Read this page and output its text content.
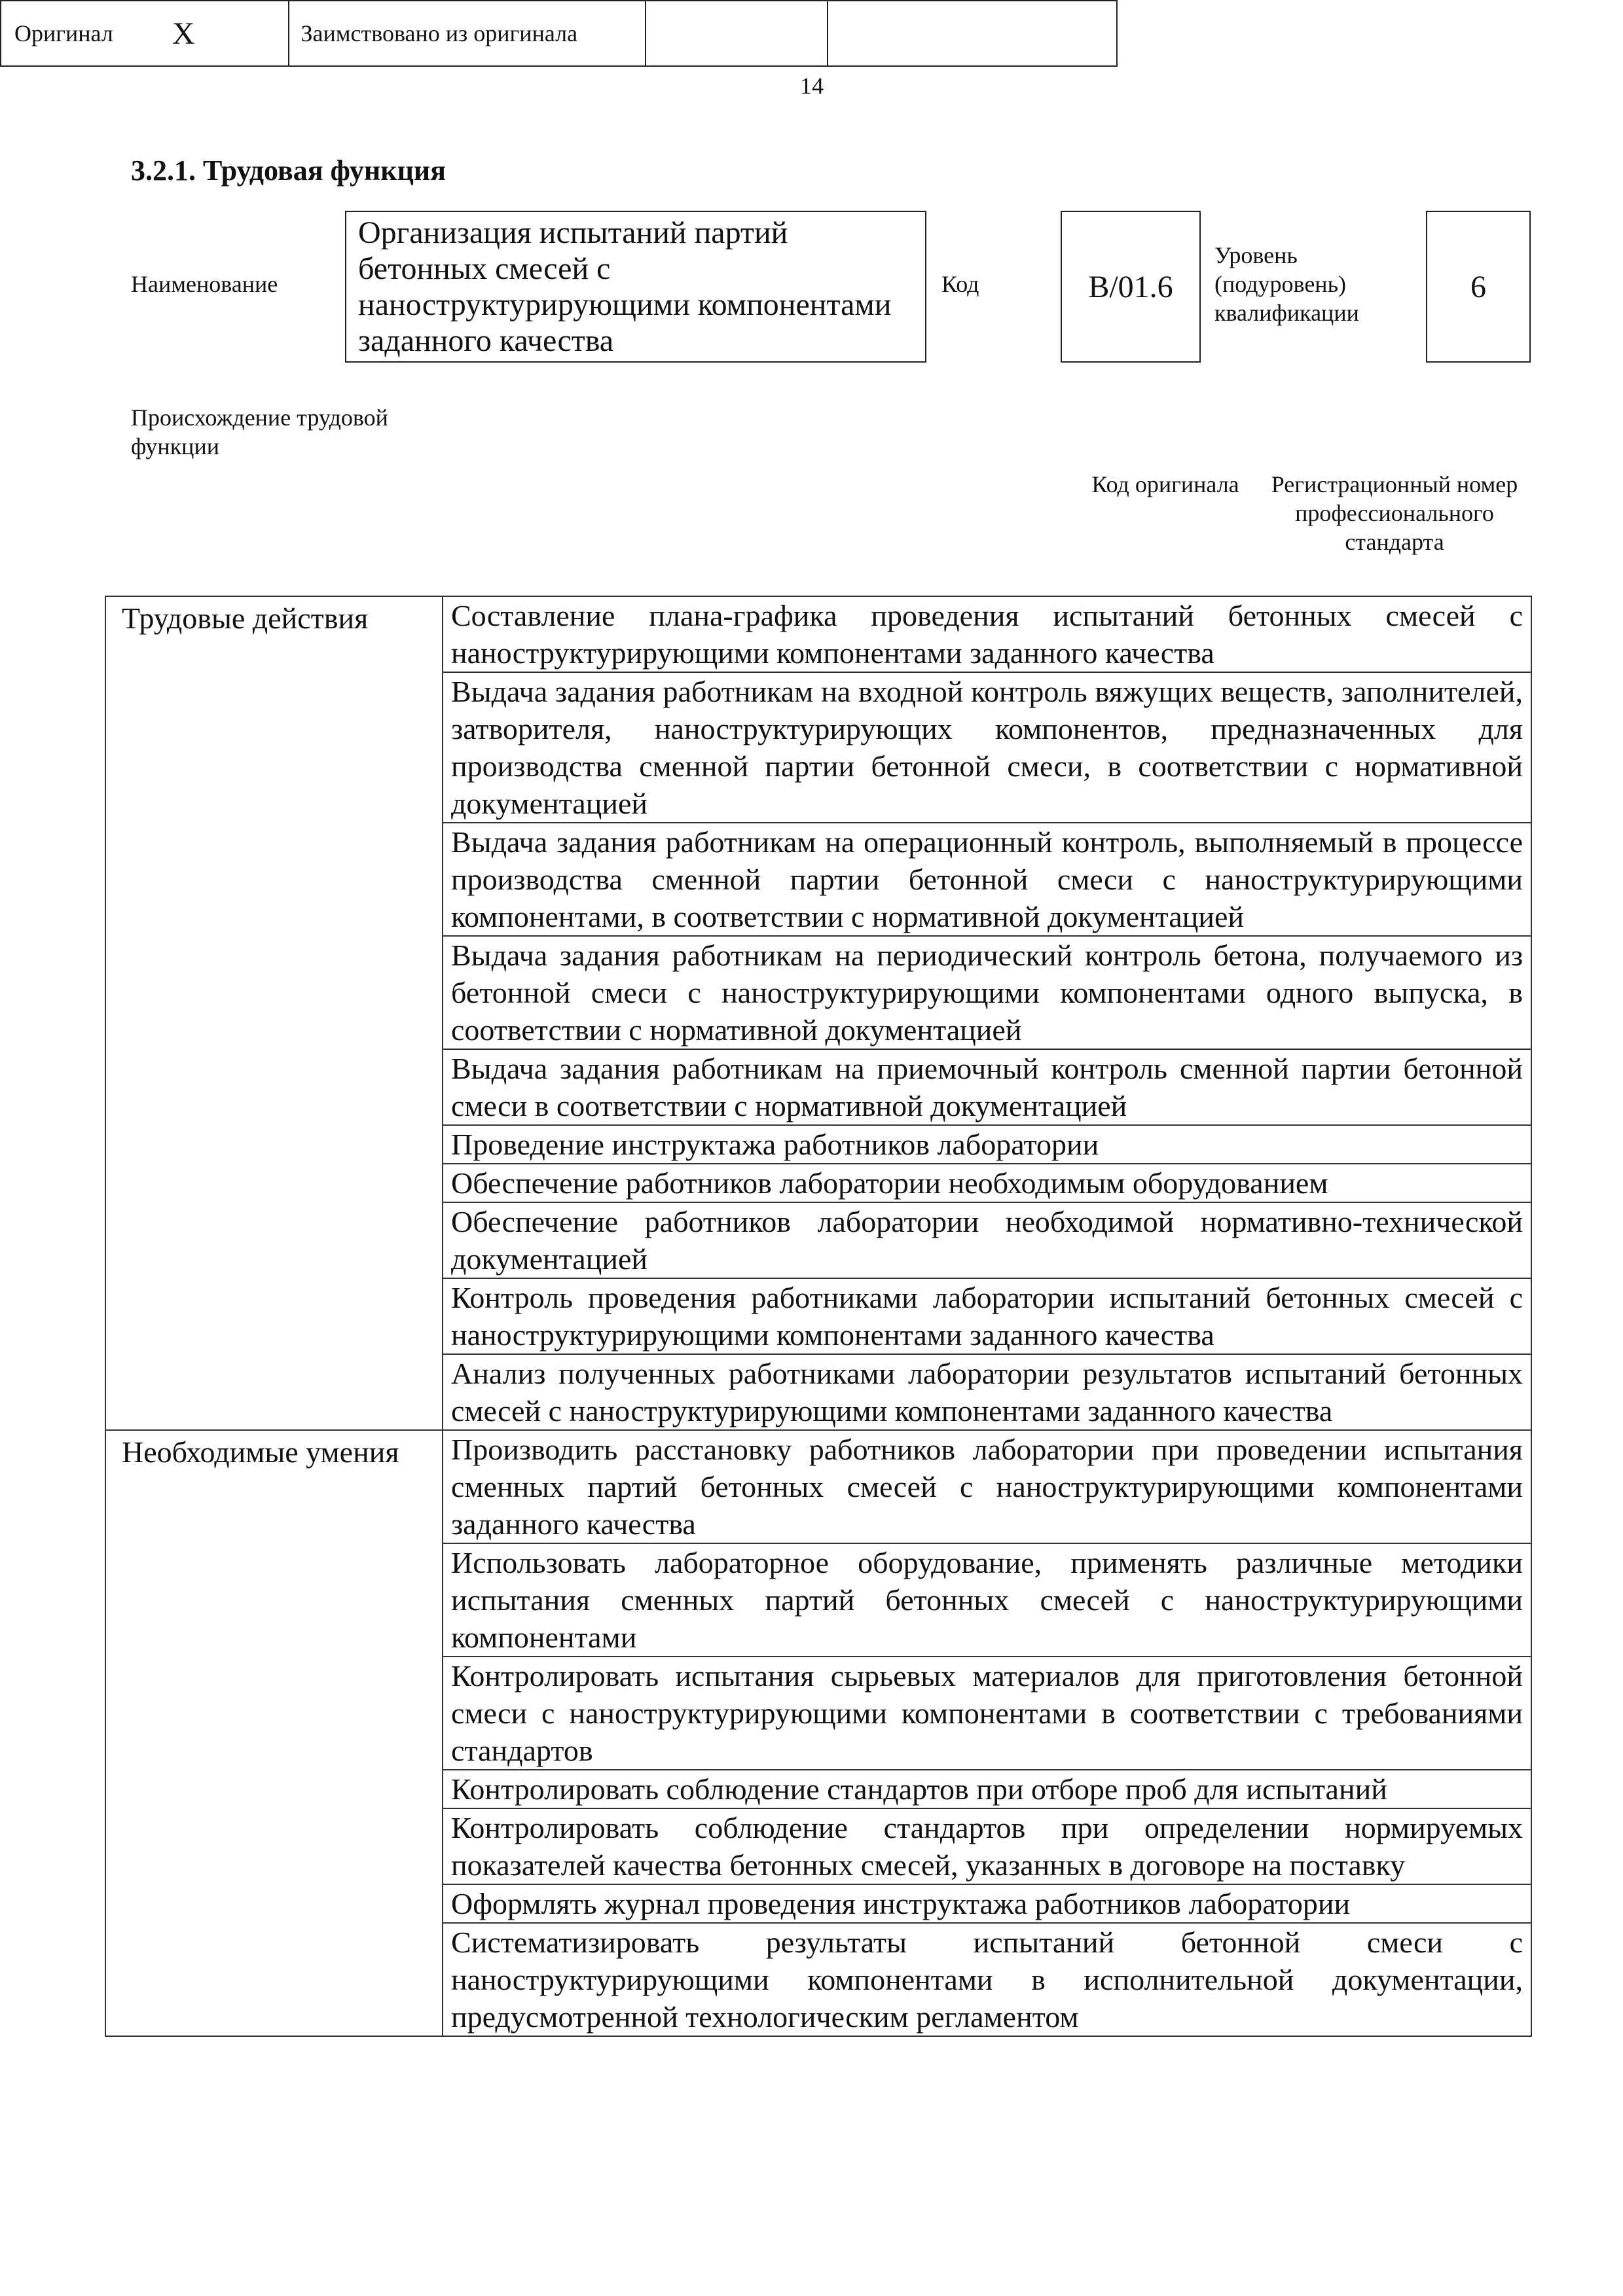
14
3.2.1. Трудовая функция
Наименование
Организация испытаний партий бетонных смесей с наноструктурирующими компонентами заданного качества
Код	B/01.6
Уровень (подуровень) квалификации
6
Происхождение трудовой функции
Оригинал X	Заимствовано из оригинала
Код оригинала	Регистрационный номер профессионального стандарта
Трудовые действия	Составление плана-графика проведения испытаний бетонных смесей с наноструктурирующими компонентами заданного качества
	Выдача задания работникам на входной контроль вяжущих веществ, заполнителей, затворителя, наноструктурирующих компонентов, предназначенных для производства сменной партии бетонной смеси, в соответствии с нормативной документацией
	Выдача задания работникам на операционный контроль, выполняемый в процессе производства сменной партии бетонной смеси с наноструктурирующими компонентами, в соответствии с нормативной документацией
	Выдача задания работникам на периодический контроль бетона, получаемого из бетонной смеси с наноструктурирующими компонентами одного выпуска, в соответствии с нормативной документацией
	Выдача задания работникам на приемочный контроль сменной партии бетонной смеси в соответствии с нормативной документацией
	Проведение инструктажа работников лаборатории
	Обеспечение работников лаборатории необходимым оборудованием
	Обеспечение работников лаборатории необходимой нормативно-технической документацией
	Контроль проведения работниками лаборатории испытаний бетонных смесей с наноструктурирующими компонентами заданного качества
	Анализ полученных работниками лаборатории результатов испытаний бетонных смесей с наноструктурирующими компонентами заданного качества
Необходимые умения	Производить расстановку работников лаборатории при проведении испытания сменных партий бетонных смесей с наноструктурирующими компонентами заданного качества
	Использовать лабораторное оборудование, применять различные методики испытания сменных партий бетонных смесей с наноструктурирующими компонентами
	Контролировать испытания сырьевых материалов для приготовления бетонной смеси с наноструктурирующими компонентами в соответствии с требованиями стандартов
	Контролировать соблюдение стандартов при отборе проб для испытаний
	Контролировать соблюдение стандартов при определении нормируемых показателей качества бетонных смесей, указанных в договоре на поставку
	Оформлять журнал проведения инструктажа работников лаборатории
	Систематизировать результаты испытаний бетонной смеси с наноструктурирующими компонентами в исполнительной документации, предусмотренной технологическим регламентом
